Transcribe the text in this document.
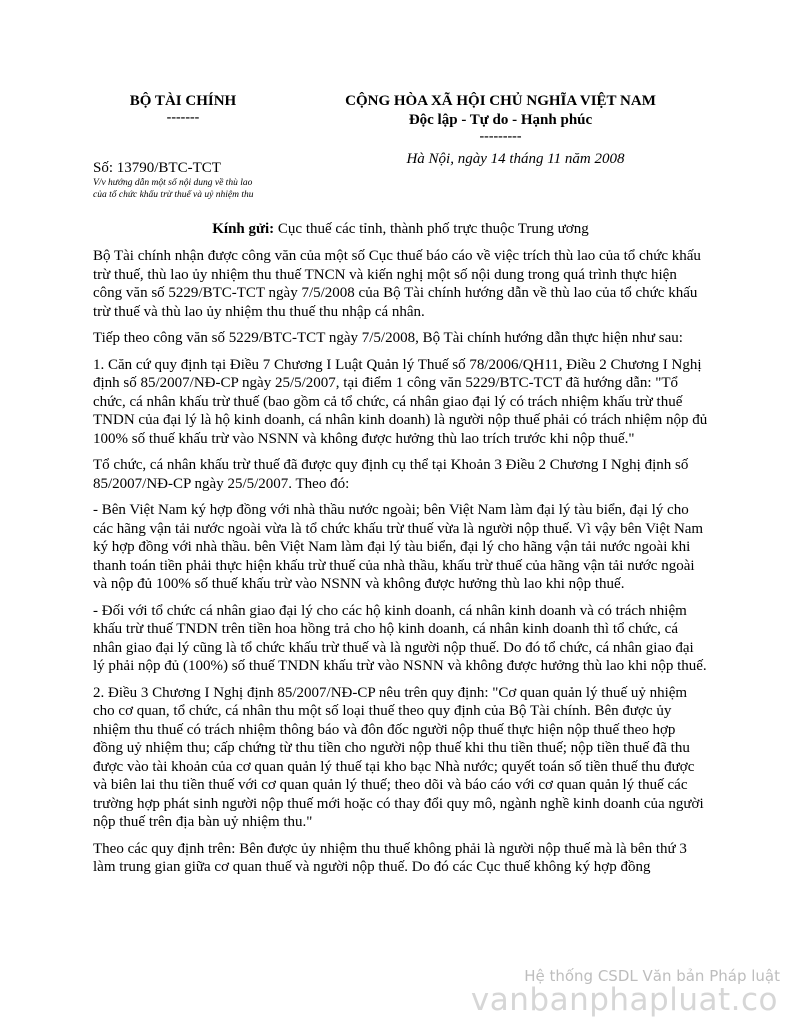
BỘ TÀI CHÍNH
-------
Số: 13790/BTC-TCT
V/v hướng dẫn một số nội dung về thù lao
của tổ chức khấu trừ thuế và uỷ nhiệm thu
CỘNG HÒA XÃ HỘI CHỦ NGHĨA VIỆT NAM
Độc lập - Tự do - Hạnh phúc
---------
Hà Nội, ngày 14 tháng 11 năm 2008
Kính gửi: Cục thuế các tỉnh, thành phố trực thuộc Trung ương

Bộ Tài chính nhận được công văn của một số Cục thuế báo cáo về việc trích thù lao của tổ chức khấu trừ thuế, thù lao ủy nhiệm thu thuế TNCN và kiến nghị một số nội dung trong quá trình thực hiện công văn số 5229/BTC-TCT ngày 7/5/2008 của Bộ Tài chính hướng dẫn về thù lao của tổ chức khấu trừ thuế và thù lao ủy nhiệm thu thuế thu nhập cá nhân.

Tiếp theo công văn số 5229/BTC-TCT ngày 7/5/2008, Bộ Tài chính hướng dẫn thực hiện như sau:

1. Căn cứ quy định tại Điều 7 Chương I Luật Quản lý Thuế số 78/2006/QH11, Điều 2 Chương I Nghị định số 85/2007/NĐ-CP ngày 25/5/2007, tại điểm 1 công văn 5229/BTC-TCT đã hướng dẫn: "Tổ chức, cá nhân khấu trừ thuế (bao gồm cả tổ chức, cá nhân giao đại lý có trách nhiệm khấu trừ thuế TNDN của đại lý là hộ kinh doanh, cá nhân kinh doanh) là người nộp thuế phải có trách nhiệm nộp đủ 100% số thuế khấu trừ vào NSNN và không được hưởng thù lao trích trước khi nộp thuế."

Tổ chức, cá nhân khấu trừ thuế đã được quy định cụ thể tại Khoản 3 Điều 2 Chương I Nghị định số 85/2007/NĐ-CP ngày 25/5/2007. Theo đó:

- Bên Việt Nam ký hợp đồng với nhà thầu nước ngoài; bên Việt Nam làm đại lý tàu biển, đại lý cho các hãng vận tải nước ngoài vừa là tổ chức khấu trừ thuế vừa là người nộp thuế. Vì vậy bên Việt Nam ký hợp đồng với nhà thầu. bên Việt Nam làm đại lý tàu biển, đại lý cho hãng vận tải nước ngoài khi thanh toán tiền phải thực hiện khấu trừ thuế của nhà thầu, khấu trừ thuế của hãng vận tải nước ngoài và nộp đủ 100% số thuế khấu trừ vào NSNN và không được hưởng thù lao khi nộp thuế.

- Đối với tổ chức cá nhân giao đại lý cho các hộ kinh doanh, cá nhân kinh doanh và có trách nhiệm khấu trừ thuế TNDN trên tiền hoa hồng trả cho hộ kinh doanh, cá nhân kinh doanh thì tổ chức, cá nhân giao đại lý cũng là tổ chức khấu trừ thuế và là người nộp thuế. Do đó tổ chức, cá nhân giao đại lý phải nộp đủ (100%) số thuế TNDN khấu trừ vào NSNN và không được hưởng thù lao khi nộp thuế.

2. Điều 3 Chương I Nghị định 85/2007/NĐ-CP nêu trên quy định: "Cơ quan quản lý thuế uỷ nhiệm cho cơ quan, tổ chức, cá nhân thu một số loại thuế theo quy định của Bộ Tài chính. Bên được ủy nhiệm thu thuế có trách nhiệm thông báo và đôn đốc người nộp thuế thực hiện nộp thuế theo hợp đồng uỷ nhiệm thu; cấp chứng từ thu tiền cho người nộp thuế khi thu tiền thuế; nộp tiền thuế đã thu được vào tài khoản của cơ quan quản lý thuế tại kho bạc Nhà nước; quyết toán số tiền thuế thu được và biên lai thu tiền thuế với cơ quan quản lý thuế; theo dõi và báo cáo với cơ quan quản lý thuế các trường hợp phát sinh người nộp thuế mới hoặc có thay đổi quy mô, ngành nghề kinh doanh của người nộp thuế trên địa bàn uỷ nhiệm thu."

Theo các quy định trên: Bên được ủy nhiệm thu thuế không phải là người nộp thuế mà là bên thứ 3 làm trung gian giữa cơ quan thuế và người nộp thuế. Do đó các Cục thuế không ký hợp đồng

Hệ thống CSDL Văn bản Pháp luật
vanbanphapluat.co
